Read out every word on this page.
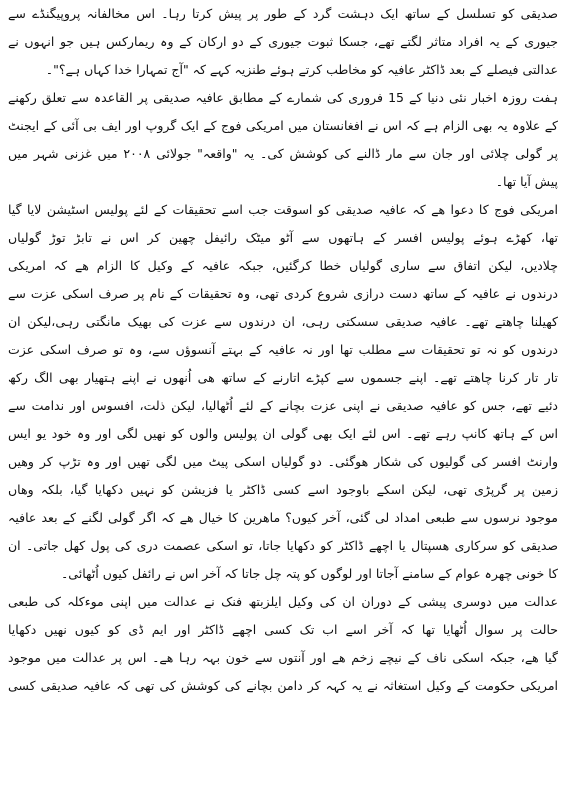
صدیقی کو تسلسل کے ساتھ ایک دہشت گرد کے طور پر پیش کرتا رہا۔ اس مخالفانہ پروپیگنڈے سے
جیوری کے یہ افراد متاثر لگتے تھے، جسکا ثبوت جیوری کے دو ارکان کے وہ ریمارکس ہیں جو انہوں نے
عدالتی فیصلے کے بعد ڈاکٹر عافیہ کو مخاطب کرتے ہوئے طنزیہ کہے کہ "آج تمہارا خدا کہاں ہے؟"۔
ہفت روزہ اخبار نئی دنیا کے 15 فروری کی شمارے کے مطابق عافیہ صدیقی پر القاعدہ سے تعلق رکھنے
کے علاوہ یہ بھی الزام ہے کہ اس نے افغانستان میں امریکی فوج کے ایک گروپ اور ایف بی آئی کے ایجنٹ
پر گولی چلائی اور جان سے مار ڈالنے کی کوشش کی۔ یہ "واقعہ" جولائی ۲۰۰۸ میں غزنی شہر میں
پیش آیا تھا۔
امریکی فوج کا دعوا ھے کہ عافیہ صدیقی کو اسوقت جب اسے تحقیقات کے لئے پولیس اسٹیشن لایا گیا
تھا، کھڑے ہوئے پولیس افسر کے ہاتھوں سے آٹو میٹک رائیفل چھین کر اس نے تابڑ توڑ گولیاں
چلادیں، لیکن اتفاق سے ساری گولیاں خطا کرگئیں، جبکہ عافیہ کے وکیل کا الزام ھے کہ امریکی
درندوں نے عافیہ کے ساتھ دست درازی شروع کردی تھی، وہ تحقیقات کے نام پر صرف اسکی عزت سے
کھیلنا چاھتے تھے۔ عافیہ صدیقی سسکتی رہی، ان درندوں سے عزت کی بھیک مانگتی رہی،لیکن ان
درندوں کو نہ تو تحقیقات سے مطلب تھا اور نہ عافیہ کے بہتے آنسوؤں سے، وہ تو صرف اسکی عزت
تار تار کرنا چاھتے تھے۔ اپنے جسموں سے کپڑے اتارنے کے ساتھ ھی اُنھوں نے اپنے ہتھیار بھی الگ رکھ
دئیے تھے، جس کو عافیہ صدیقی نے اپنی عزت بچانے کے لئے اُٹھالیا، لیکن ذلت، افسوس اور ندامت سے
اس کے ہاتھ کانپ رہے تھے۔ اس لئے ایک بھی گولی ان پولیس والوں کو نھیں لگی اور وہ خود یو ایس
وارنٹ افسر کی گولیوں کی شکار ھوگئی۔ دو گولیاں اسکی پیٹ میں لگی تھیں اور وہ تڑپ کر وھیں
زمین پر گرپڑی تھی، لیکن اسکے باوجود اسے کسی ڈاکٹر یا فزیشن کو نہیں دکھایا گیا، بلکہ وھاں
موجود نرسوں سے طبعی امداد لی گئی، آخر کیوں؟ ماھرین کا خیال ھے کہ اگر گولی لگنے کے بعد عافیہ
صدیقی کو سرکاری ھسپتال یا اچھے ڈاکٹر کو دکھایا جاتا، تو اسکی عصمت دری کی پول کھل جاتی۔ ان
کا خونی چھرہ عوام کے سامنے آجاتا اور لوگوں کو پتہ چل جاتا کہ آخر اس نے رائفل کیوں اُٹھائی۔
عدالت میں دوسری پیشی کے دوران ان کی وکیل ایلزبتھ فنک نے عدالت میں اپنی موءکلہ کی طبعی
حالت پر سوال اُٹھایا تھا کہ آخر اسے اب تک کسی اچھے ڈاکٹر اور ایم ڈی کو کیوں نھیں دکھایا
گیا ھے، جبکہ اسکی ناف کے نیچے زخم ھے اور آنتوں سے خون بہہ رہا ھے۔ اس پر عدالت میں موجود
امریکی حکومت کے وکیل استغاثہ نے یہ کہہ کر دامن بچانے کی کوشش کی تھی کہ عافیہ صدیقی کسی
